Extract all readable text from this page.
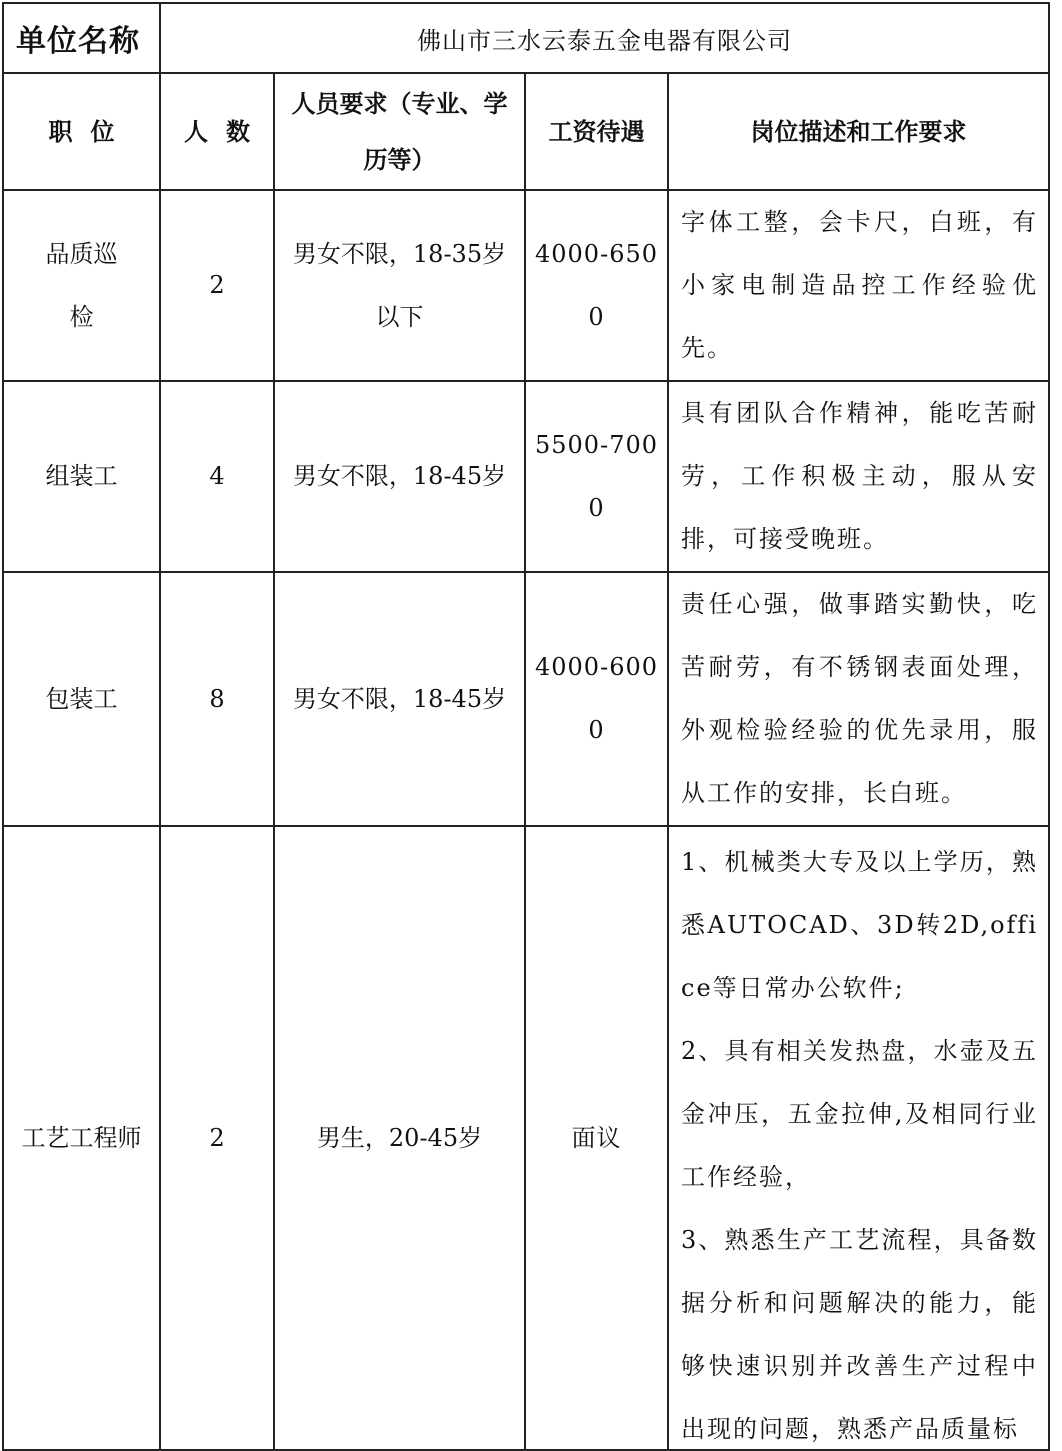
单位名称	佛山市三水云泰五金电器有限公司			
职位	人数	人员要求（专业、学历等）	工资待遇	岗位描述和工作要求
品质巡检	2	男女不限，18-35岁以下	4000-6500	字体工整，会卡尺，白班，有小家电制造品控工作经验优先。

组装工	4	男女不限，18-45岁	5500-7000	具有团队合作精神，能吃苦耐劳，工作积极主动，服从安排，可接受晚班。

包装工	8	男女不限，18-45岁	4000-6000	责任心强，做事踏实勤快，吃苦耐劳，有不锈钢表面处理，外观检验经验的优先录用，服从工作的安排，长白班。

工艺工程师	2	男生，20-45岁	面议	1、机械类大专及以上学历，熟悉AUTOCAD、3D转2D,office等日常办公软件;

2、具有相关发热盘，水壶及五金冲压，五金拉伸,及相同行业工作经验，

3、熟悉生产工艺流程，具备数据分析和问题解决的能力，能够快速识别并改善生产过程中出现的问题，熟悉产品质量标
